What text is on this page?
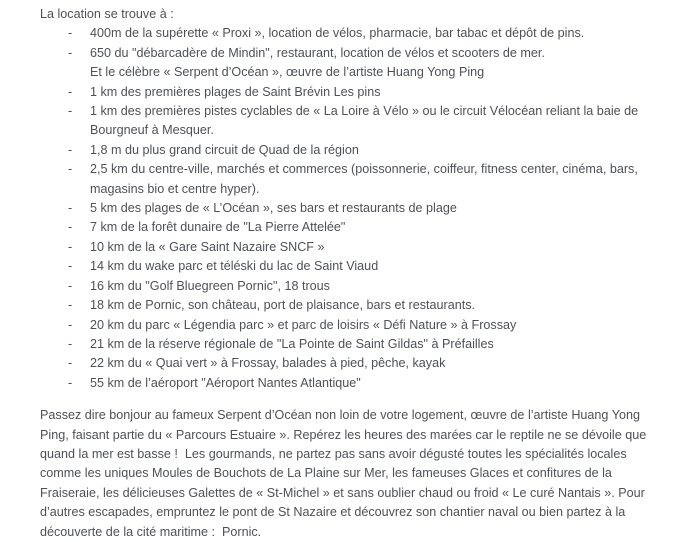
La location se trouve à :

- 400m de la supérette « Proxi », location de vélos, pharmacie, bar tabac et dépôt de pins.
- 650 du "débarcadère de Mindin", restaurant, location de vélos et scooters de mer.
Et le célèbre « Serpent d’Océan », œuvre de l’artiste Huang Yong Ping
- 1 km des premières plages de Saint Brévin Les pins
- 1 km des premières pistes cyclables de « La Loire à Vélo » ou le circuit Vélocéan reliant la baie de Bourgneuf à Mesquer.
- 1,8 m du plus grand circuit de Quad de la région
- 2,5 km du centre-ville, marchés et commerces (poissonnerie, coiffeur, fitness center, cinéma, bars, magasins bio et centre hyper).
- 5 km des plages de « L’Océan », ses bars et restaurants de plage
- 7 km de la forêt dunaire de "La Pierre Attelée"
- 10 km de la « Gare Saint Nazaire SNCF »
- 14 km du wake parc et téléski du lac de Saint Viaud
- 16 km du "Golf Bluegreen Pornic", 18 trous
- 18 km de Pornic, son château, port de plaisance, bars et restaurants.
- 20 km du parc « Légendia parc » et parc de loisirs « Défi Nature » à Frossay
- 21 km de la réserve régionale de "La Pointe de Saint Gildas" à Préfailles
- 22 km du « Quai vert » à Frossay, balades à pied, pêche, kayak
- 55 km de l’aéroport "Aéroport Nantes Atlantique"

Passez dire bonjour au fameux Serpent d’Océan non loin de votre logement, œuvre de l’artiste Huang Yong Ping, faisant partie du « Parcours Estuaire ». Repérez les heures des marées car le reptile ne se dévoile que quand la mer est basse !  Les gourmands, ne partez pas sans avoir dégusté toutes les spécialités locales comme les uniques Moules de Bouchots de La Plaine sur Mer, les fameuses Glaces et confitures de la Fraiseraie, les délicieuses Galettes de « St-Michel » et sans oublier chaud ou froid « Le curé Nantais ». Pour d’autres escapades, empruntez le pont de St Nazaire et découvrez son chantier naval ou bien partez à la découverte de la cité maritime :  Pornic.
